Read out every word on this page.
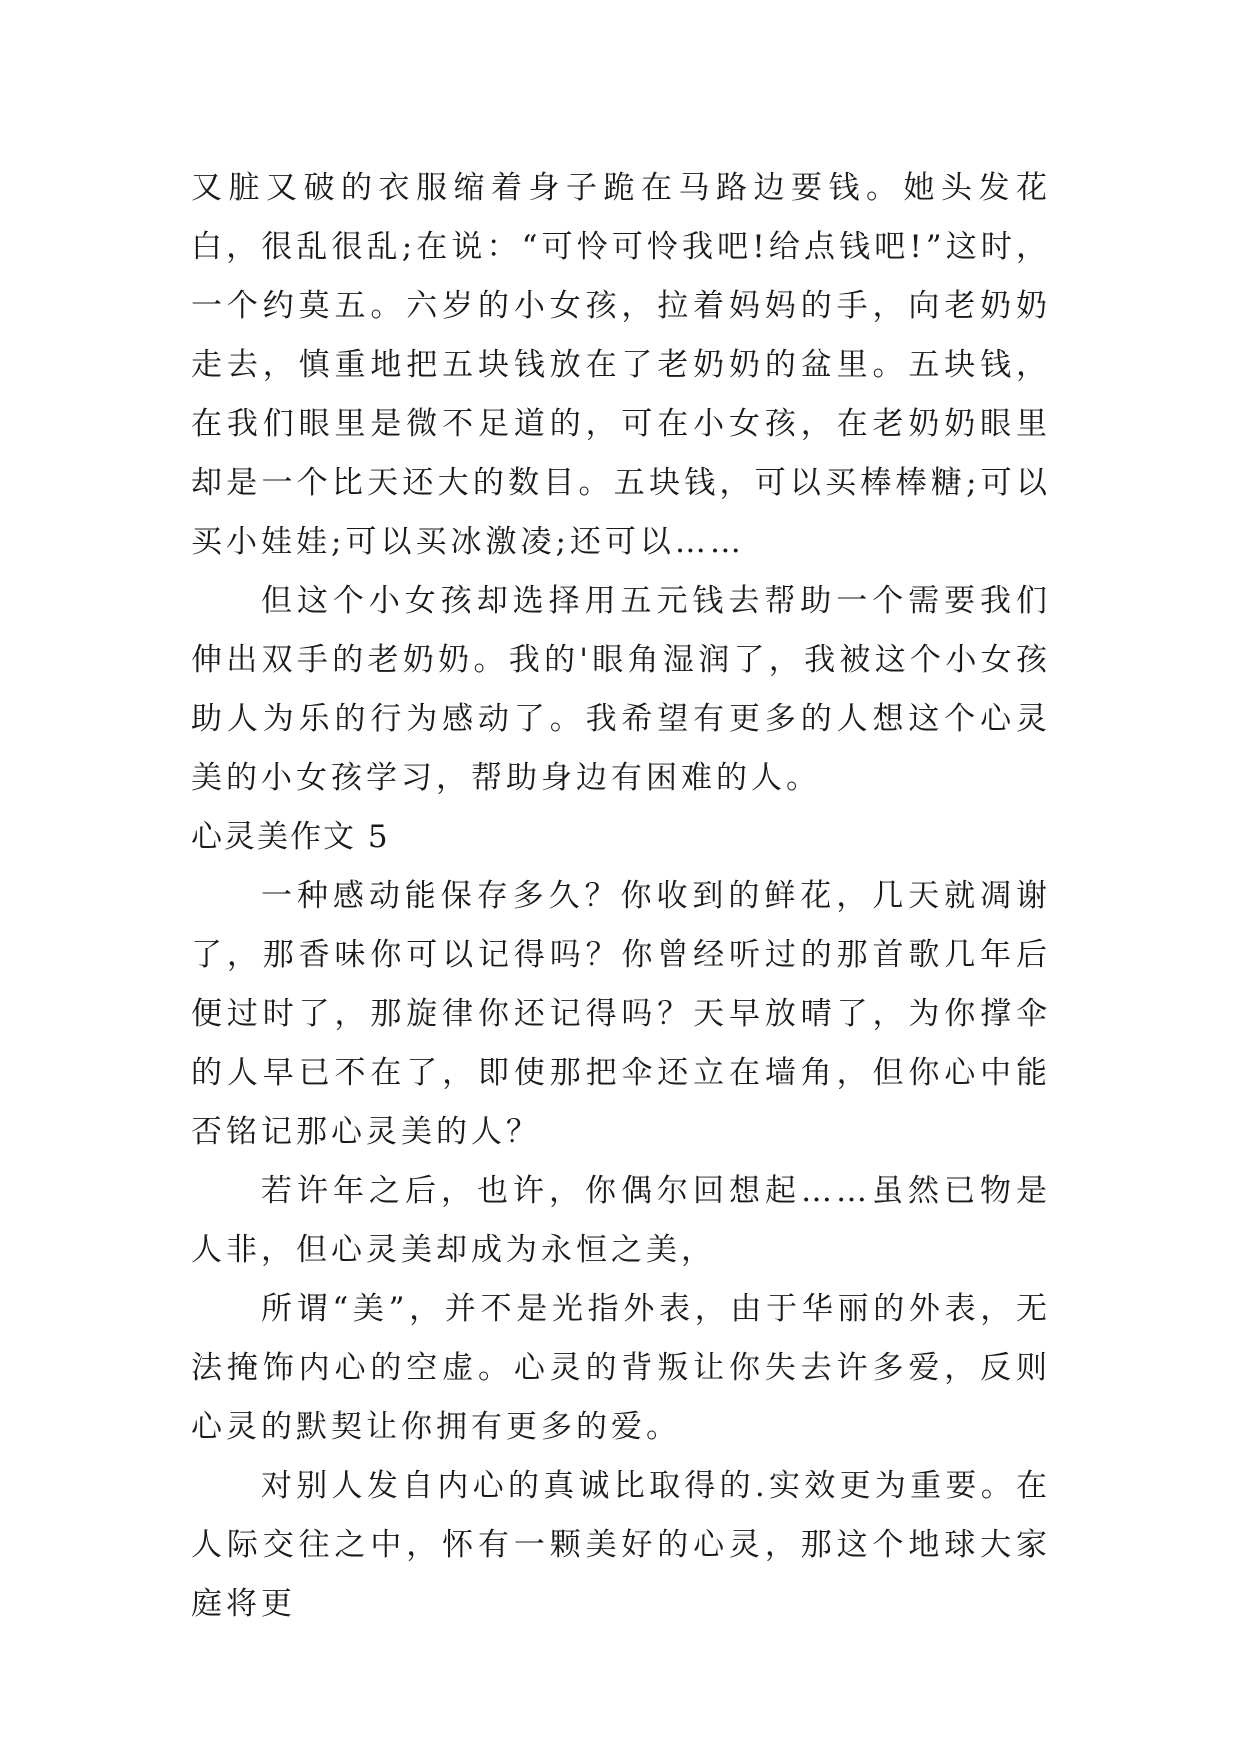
又脏又破的衣服缩着身子跪在马路边要钱。她头发花白，很乱很乱;在说：“可怜可怜我吧!给点钱吧!”这时，一个约莫五。六岁的小女孩，拉着妈妈的手，向老奶奶走去，慎重地把五块钱放在了老奶奶的盆里。五块钱，在我们眼里是微不足道的，可在小女孩，在老奶奶眼里却是一个比天还大的数目。五块钱，可以买棒棒糖;可以买小娃娃;可以买冰激凌;还可以……

但这个小女孩却选择用五元钱去帮助一个需要我们伸出双手的老奶奶。我的'眼角湿润了，我被这个小女孩助人为乐的行为感动了。我希望有更多的人想这个心灵美的小女孩学习，帮助身边有困难的人。

心灵美作文 5

一种感动能保存多久？你收到的鲜花，几天就凋谢了，那香味你可以记得吗？你曾经听过的那首歌几年后便过时了，那旋律你还记得吗？天早放晴了，为你撑伞的人早已不在了，即使那把伞还立在墙角，但你心中能否铭记那心灵美的人？

若许年之后，也许，你偶尔回想起……虽然已物是人非，但心灵美却成为永恒之美，

所谓“美”，并不是光指外表，由于华丽的外表，无法掩饰内心的空虚。心灵的背叛让你失去许多爱，反则心灵的默契让你拥有更多的爱。

对别人发自内心的真诚比取得的.实效更为重要。在人际交往之中，怀有一颗美好的心灵，那这个地球大家庭将更
